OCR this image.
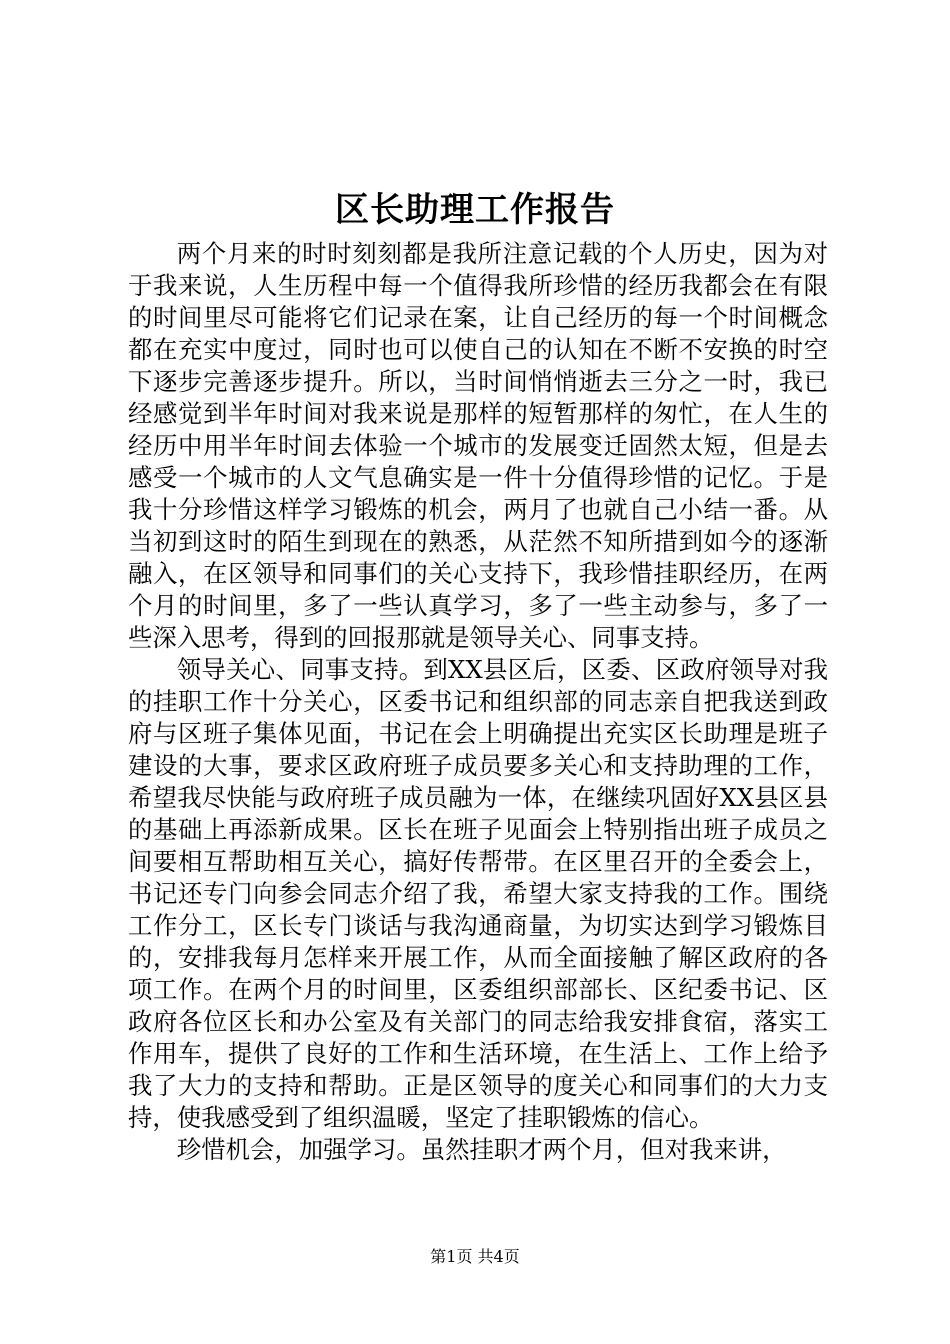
区长助理工作报告

两个月来的时时刻刻都是我所注意记载的个人历史，因为对于我来说，人生历程中每一个值得我所珍惜的经历我都会在有限的时间里尽可能将它们记录在案，让自己经历的每一个时间概念都在充实中度过，同时也可以使自己的认知在不断不安换的时空下逐步完善逐步提升。所以，当时间悄悄逝去三分之一时，我已经感觉到半年时间对我来说是那样的短暂那样的匆忙，在人生的经历中用半年时间去体验一个城市的发展变迁固然太短，但是去感受一个城市的人文气息确实是一件十分值得珍惜的记忆。于是我十分珍惜这样学习锻炼的机会，两月了也就自己小结一番。从当初到这时的陌生到现在的熟悉，从茫然不知所措到如今的逐渐融入，在区领导和同事们的关心支持下，我珍惜挂职经历，在两个月的时间里，多了一些认真学习，多了一些主动参与，多了一些深入思考，得到的回报那就是领导关心、同事支持。

领导关心、同事支持。到XX县区后，区委、区政府领导对我的挂职工作十分关心，区委书记和组织部的同志亲自把我送到政府与区班子集体见面，书记在会上明确提出充实区长助理是班子建设的大事，要求区政府班子成员要多关心和支持助理的工作，希望我尽快能与政府班子成员融为一体，在继续巩固好XX县区县的基础上再添新成果。区长在班子见面会上特别指出班子成员之间要相互帮助相互关心，搞好传帮带。在区里召开的全委会上，书记还专门向参会同志介绍了我，希望大家支持我的工作。围绕工作分工，区长专门谈话与我沟通商量，为切实达到学习锻炼目的，安排我每月怎样来开展工作，从而全面接触了解区政府的各项工作。在两个月的时间里，区委组织部部长、区纪委书记、区政府各位区长和办公室及有关部门的同志给我安排食宿，落实工作用车，提供了良好的工作和生活环境，在生活上、工作上给予我了大力的支持和帮助。正是区领导的度关心和同事们的大力支持，使我感受到了组织温暖，坚定了挂职锻炼的信心。

珍惜机会，加强学习。虽然挂职才两个月，但对我来讲，

第1页 共4页
